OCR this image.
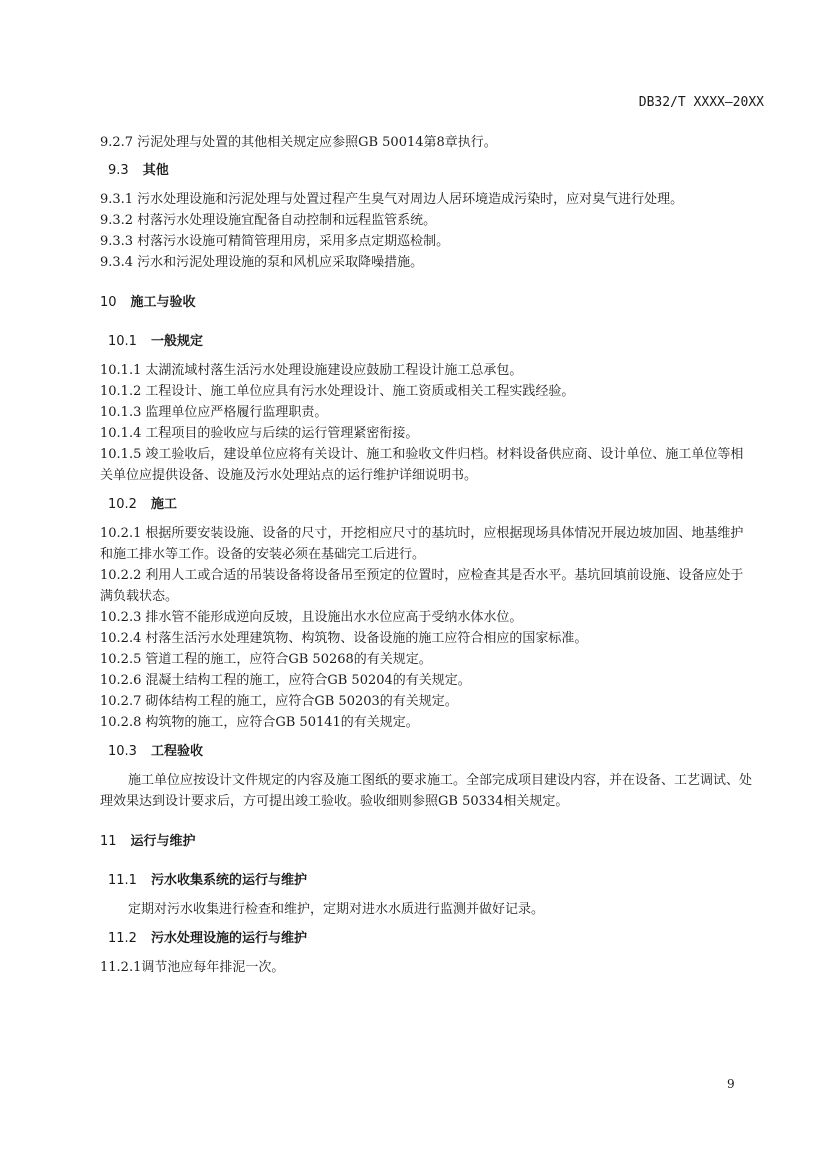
DB32/T XXXX—20XX

9.2.7 污泥处理与处置的其他相关规定应参照GB 50014第8章执行。

9.3 其他

9.3.1 污水处理设施和污泥处理与处置过程产生臭气对周边人居环境造成污染时，应对臭气进行处理。

9.3.2 村落污水处理设施宜配备自动控制和远程监管系统。

9.3.3 村落污水设施可精简管理用房，采用多点定期巡检制。

9.3.4 污水和污泥处理设施的泵和风机应采取降噪措施。

10 施工与验收

10.1 一般规定

10.1.1 太湖流域村落生活污水处理设施建设应鼓励工程设计施工总承包。

10.1.2 工程设计、施工单位应具有污水处理设计、施工资质或相关工程实践经验。

10.1.3 监理单位应严格履行监理职责。

10.1.4 工程项目的验收应与后续的运行管理紧密衔接。

10.1.5 竣工验收后，建设单位应将有关设计、施工和验收文件归档。材料设备供应商、设计单位、施工单位等相关单位应提供设备、设施及污水处理站点的运行维护详细说明书。

10.2 施工

10.2.1 根据所要安装设施、设备的尺寸，开挖相应尺寸的基坑时，应根据现场具体情况开展边坡加固、地基维护和施工排水等工作。设备的安装必须在基础完工后进行。

10.2.2 利用人工或合适的吊装设备将设备吊至预定的位置时，应检查其是否水平。基坑回填前设施、设备应处于满负载状态。

10.2.3 排水管不能形成逆向反坡，且设施出水水位应高于受纳水体水位。

10.2.4 村落生活污水处理建筑物、构筑物、设备设施的施工应符合相应的国家标准。

10.2.5 管道工程的施工，应符合GB 50268的有关规定。

10.2.6 混凝土结构工程的施工，应符合GB 50204的有关规定。

10.2.7 砌体结构工程的施工，应符合GB 50203的有关规定。

10.2.8 构筑物的施工，应符合GB 50141的有关规定。

10.3 工程验收

施工单位应按设计文件规定的内容及施工图纸的要求施工。全部完成项目建设内容，并在设备、工艺调试、处理效果达到设计要求后，方可提出竣工验收。验收细则参照GB 50334相关规定。

11 运行与维护

11.1 污水收集系统的运行与维护

定期对污水收集进行检查和维护，定期对进水水质进行监测并做好记录。

11.2 污水处理设施的运行与维护

11.2.1调节池应每年排泥一次。

9
